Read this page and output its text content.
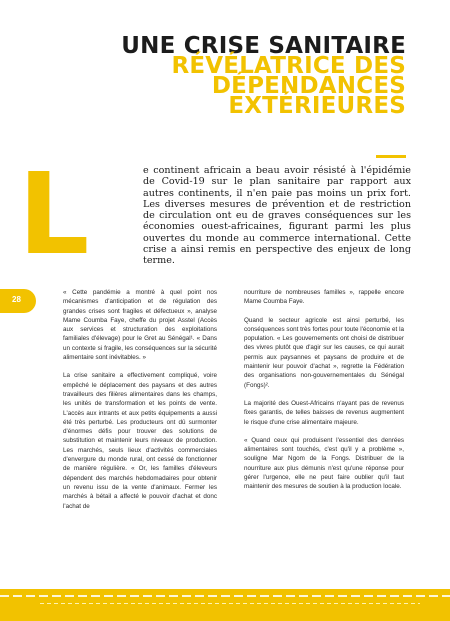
UNE CRISE SANITAIRE
RÉVÉLATRICE DES
DÉPENDANCES
EXTÉRIEURES
L	e continent africain a beau avoir résisté à l'épidémie de Covid-19 sur le plan sanitaire par rapport aux autres continents, il n'en paie pas moins un prix fort. Les diverses mesures de prévention et de restriction de circulation ont eu de graves conséquences sur les économies ouest-africaines, figurant parmi les plus ouvertes du monde au commerce international. Cette crise a ainsi remis en perspective des enjeux de long terme.
28

« Cette pandémie a montré à quel point nos mécanismes d'anticipation et de régulation des grandes crises sont fragiles et défectueux », analyse Mame Coumba Faye, cheffe du projet Asstel (Accès aux services et structuration des exploitations familiales d'élevage) pour le Gret au Sénégal¹. « Dans un contexte si fragile, les conséquences sur la sécurité alimentaire sont inévitables. »

La crise sanitaire a effectivement compliqué, voire empêché le déplacement des paysans et des autres travailleurs des filières alimentaires dans les champs, les unités de transformation et les points de vente. L'accès aux intrants et aux petits équipements a aussi été très perturbé. Les producteurs ont dû surmonter d'énormes défis pour trouver des solutions de substitution et maintenir leurs niveaux de production. Les marchés, seuls lieux d'activités commerciales d'envergure du monde rural, ont cessé de fonctionner de manière régulière. « Or, les familles d'éleveurs dépendent des marchés hebdomadaires pour obtenir un revenu issu de la vente d'animaux. Fermer les marchés à bétail a affecté le pouvoir d'achat et donc l'achat de

nourriture de nombreuses familles », rappelle encore Mame Coumba Faye.

Quand le secteur agricole est ainsi perturbé, les conséquences sont très fortes pour toute l'économie et la population. « Les gouvernements ont choisi de distribuer des vivres plutôt que d'agir sur les causes, ce qui aurait permis aux paysannes et paysans de produire et de maintenir leur pouvoir d'achat », regrette la Fédération des organisations non-gouvernementales du Sénégal (Fongs)².

La majorité des Ouest-Africains n'ayant pas de revenus fixes garantis, de telles baisses de revenus augmentent le risque d'une crise alimentaire majeure.

« Quand ceux qui produisent l'essentiel des denrées alimentaires sont touchés, c'est qu'il y a problème », souligne Mar Ngom de la Fongs. Distribuer de la nourriture aux plus démunis n'est qu'une réponse pour gérer l'urgence, elle ne peut faire oublier qu'il faut maintenir des mesures de soutien à la production locale.
